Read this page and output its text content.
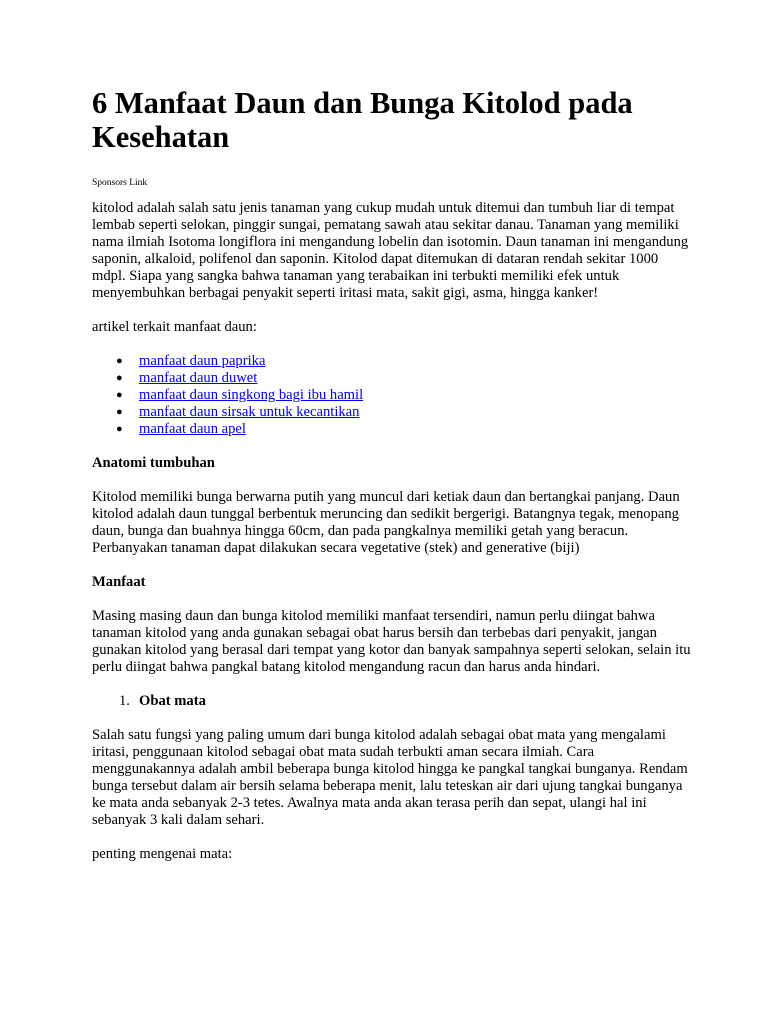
6 Manfaat Daun dan Bunga Kitolod pada Kesehatan
Sponsors Link

kitolod adalah salah satu jenis tanaman yang cukup mudah untuk ditemui dan tumbuh liar di tempat lembab seperti selokan, pinggir sungai, pematang sawah atau sekitar danau. Tanaman yang memiliki nama ilmiah Isotoma longiflora ini mengandung lobelin dan isotomin. Daun tanaman ini mengandung saponin, alkaloid, polifenol dan saponin. Kitolod dapat ditemukan di dataran rendah sekitar 1000 mdpl. Siapa yang sangka bahwa tanaman yang terabaikan ini terbukti memiliki efek untuk menyembuhkan berbagai penyakit seperti iritasi mata, sakit gigi, asma, hingga kanker!

artikel terkait manfaat daun:

● manfaat daun paprika
● manfaat daun duwet
● manfaat daun singkong bagi ibu hamil
● manfaat daun sirsak untuk kecantikan
● manfaat daun apel

Anatomi tumbuhan

Kitolod memiliki bunga berwarna putih yang muncul dari ketiak daun dan bertangkai panjang. Daun kitolod adalah daun tunggal berbentuk meruncing dan sedikit bergerigi. Batangnya tegak, menopang daun, bunga dan buahnya hingga 60cm, dan pada pangkalnya memiliki getah yang beracun. Perbanyakan tanaman dapat dilakukan secara vegetative (stek) and generative (biji)

Manfaat

Masing masing daun dan bunga kitolod memiliki manfaat tersendiri, namun perlu diingat bahwa tanaman kitolod yang anda gunakan sebagai obat harus bersih dan terbebas dari penyakit, jangan gunakan kitolod yang berasal dari tempat yang kotor dan banyak sampahnya seperti selokan, selain itu perlu diingat bahwa pangkal batang kitolod mengandung racun dan harus anda hindari.

1. Obat mata

Salah satu fungsi yang paling umum dari bunga kitolod adalah sebagai obat mata yang mengalami iritasi, penggunaan kitolod sebagai obat mata sudah terbukti aman secara ilmiah. Cara menggunakannya adalah ambil beberapa bunga kitolod hingga ke pangkal tangkai bunganya. Rendam bunga tersebut dalam air bersih selama beberapa menit, lalu teteskan air dari ujung tangkai bunganya ke mata anda sebanyak 2-3 tetes. Awalnya mata anda akan terasa perih dan sepat, ulangi hal ini sebanyak 3 kali dalam sehari.

penting mengenai mata:
